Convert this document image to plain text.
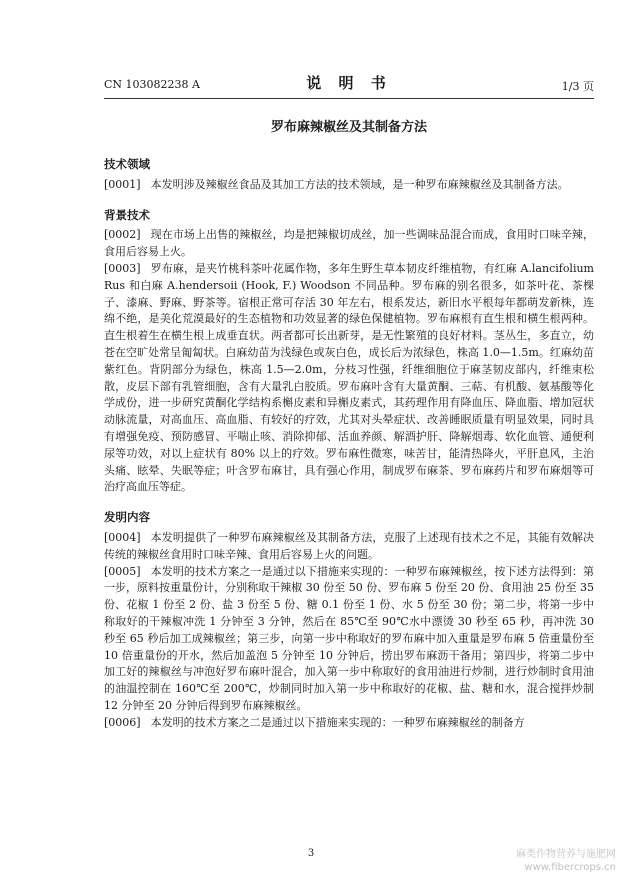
CN 103082238 A	说 明 书	1/3 页
罗布麻辣椒丝及其制备方法
技术领域

[0001] 本发明涉及辣椒丝食品及其加工方法的技术领域，是一种罗布麻辣椒丝及其制备方法。

背景技术

[0002] 现在市场上出售的辣椒丝，均是把辣椒切成丝，加一些调味品混合而成，食用时口味辛辣，食用后容易上火。

[0003] 罗布麻，是夹竹桃科茶叶花属作物，多年生野生草本韧皮纤维植物，有红麻 A.lancifolium Rus 和白麻 A.hendersoii (Hook, F.) Woodson 不同品种。罗布麻的别名很多，如茶叶花、茶棵子、漆麻、野麻、野茶等。宿根正常可存活 30 年左右，根系发达，新旧水平根每年都萌发新株，连绵不绝，是美化荒漠最好的生态植物和功效显著的绿色保健植物。罗布麻根有直生根和横生根两种。直生根着生在横生根上成垂直状。两者都可长出新芽，是无性繁殖的良好材料。茎丛生，多直立，幼苍在空旷处常呈匍匐状。白麻幼苗为浅绿色或灰白色，成长后为浓绿色，株高 1.0—1.5m。红麻幼苗紫红色。背阴部分为绿色，株高 1.5—2.0m，分枝习性强，纤维细胞位于麻茎韧皮部内，纤维束松散，皮层下部有乳管细胞，含有大量乳白胶质。罗布麻叶含有大量黄酮、三萜、有机酸、氨基酸等化学成份，进一步研究黄酮化学结构系槲皮素和异槲皮素式，其药理作用有降血压、降血脂、增加冠状动脉流量，对高血压、高血脂、有较好的疗效，尤其对头晕症状、改善睡眠质量有明显效果，同时具有增强免疫、预防感冒、平喘止咳、消除抑郁、活血养颜、解酒护肝、降解烟毒、软化血管、通便利尿等功效，对以上症状有 80% 以上的疗效。罗布麻性微寒，味苦甘，能清热降火，平肝息风，主治头痛、眩晕、失眠等症；叶含罗布麻甘，具有强心作用，制成罗布麻茶、罗布麻药片和罗布麻烟等可治疗高血压等症。

发明内容

[0004] 本发明提供了一种罗布麻辣椒丝及其制备方法，克服了上述现有技术之不足，其能有效解决传统的辣椒丝食用时口味辛辣、食用后容易上火的问题。

[0005] 本发明的技术方案之一是通过以下措施来实现的：一种罗布麻辣椒丝，按下述方法得到：第一步，原料按重量份计，分别称取干辣椒 30 份至 50 份、罗布麻 5 份至 20 份、食用油 25 份至 35 份、花椒 1 份至 2 份、盐 3 份至 5 份、糖 0.1 份至 1 份、水 5 份至 30 份；第二步，将第一步中称取好的干辣椒冲洗 1 分钟至 3 分钟，然后在 85℃至 90℃水中漂烫 30 秒至 65 秒，再冲洗 30 秒至 65 秒后加工成辣椒丝；第三步，向第一步中称取好的罗布麻中加入重量是罗布麻 5 倍重量份至 10 倍重量份的开水，然后加盖泡 5 分钟至 10 分钟后，捞出罗布麻沥干备用；第四步，将第二步中加工好的辣椒丝与冲泡好罗布麻叶混合，加入第一步中称取好的食用油进行炒制，进行炒制时食用油的油温控制在 160℃至 200℃，炒制同时加入第一步中称取好的花椒、盐、糖和水，混合搅拌炒制 12 分钟至 20 分钟后得到罗布麻辣椒丝。

[0006] 本发明的技术方案之二是通过以下措施来实现的：一种罗布麻辣椒丝的制备方

3	麻类作物营养与施肥网
www.fibercrops.cn
